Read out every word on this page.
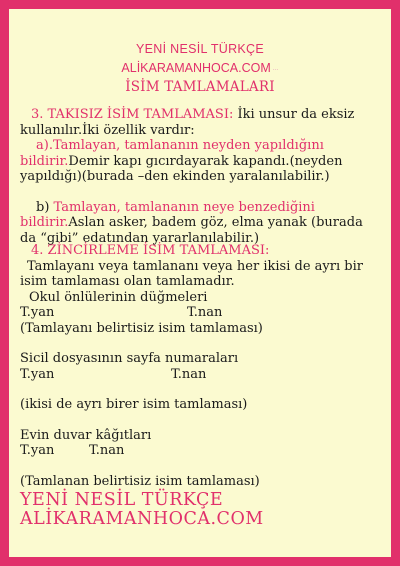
YENİ NESİL TÜRKÇE
ALİKARAMANHOCA.COM ...
İSİM TAMLAMALARI
3. TAKISIZ İSİM TAMLAMASI: İki unsur da eksiz
kullanılır.İki özellik vardır:
a).Tamlayan, tamlananın neyden yapıldığını
bildirir.Demir kapı gıcırdayarak kapandı.(neyden
yapıldığı)(burada –den ekinden yaralanılabilir.)
b) Tamlayan, tamlananın neye benzediğini
bildirir.Aslan asker, badem göz, elma yanak (burada
da “gibi” edatından yararlanılabilir.)
4. ZİNCİRLEME İSİM TAMLAMASI:
Tamlayanı veya tamlananı veya her ikisi de ayrı bir
isim tamlaması olan tamlamadır.
Okul önlülerinin düğmeleri
T.yan	T.nan
(Tamlayanı belirtisiz isim tamlaması)
Sicil dosyasının sayfa numaraları
T.yan	T.nan
(ikisi de ayrı birer isim tamlaması)
Evin duvar kâğıtları
T.yan	T.nan
(Tamlanan belirtisiz isim tamlaması)
YENİ NESİL TÜRKÇE
ALİKARAMANHOCA.COM
